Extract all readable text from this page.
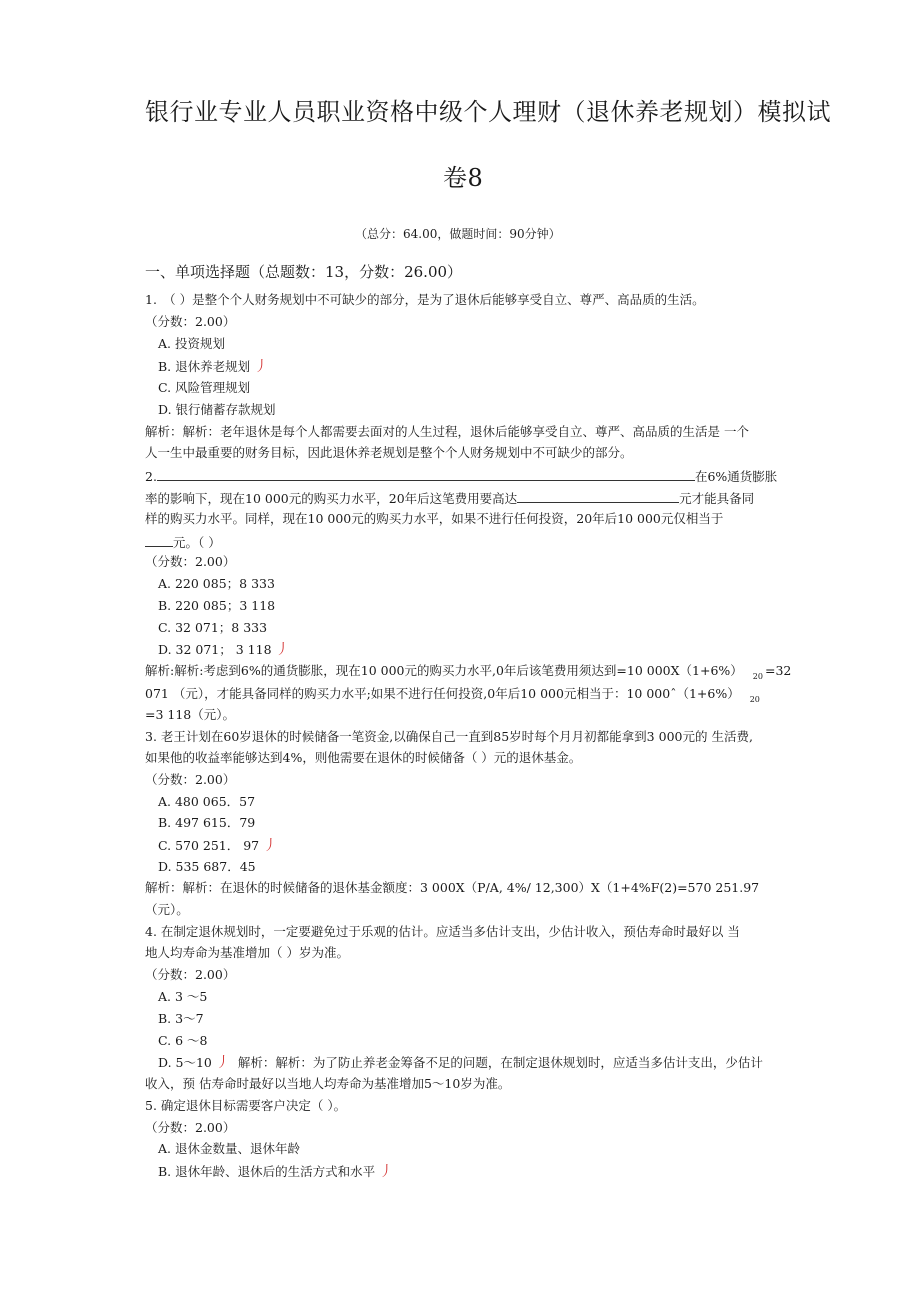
银行业专业人员职业资格中级个人理财（退休养老规划）模拟试
卷8
（总分：64.00，做题时间：90分钟）
一、单项选择题（总题数：13，分数：26.00）
1.　（ ）是整个个人财务规划中不可缺少的部分，是为了退休后能够享受自立、尊严、高品质的生活。
（分数：2.00）
A. 投资规划
B. 退休养老规划 丿
C. 风险管理规划
D. 银行储蓄存款规划
解析：解析：老年退休是每个人都需要去面对的人生过程，退休后能够享受自立、尊严、高品质的生活是 一个
人一生中最重要的财务目标，因此退休养老规划是整个个人财务规划中不可缺少的部分。
2.	在6%通货膨胀
率的影响下，现在10 000元的购买力水平，20年后这笔费用要高达	元才能具备同
样的购买力水平。同样，现在10 000元的购买力水平，如果不进行任何投资，20年后10 000元仅相当于
元。（ ）
（分数：2.00）
A. 220 085；8 333
B. 220 085；3 118
C. 32 071；8 333
D. 32 071； 3 118 丿
解析:解析:考虑到6%的通货膨胀，现在10 000元的购买力水平,0年后该笔费用须达到=10 000X（1+6%） $_{20}$ =32
071 （元），才能具备同样的购买力水平;如果不进行任何投资,0年后10 000元相当于：10 000ˆ（1+6%） $_{20}$
=3 118（元）。
3. 老王计划在60岁退休的时候储备一笔资金,以确保自己一直到85岁时每个月月初都能拿到3 000元的 生活费,
如果他的收益率能够达到4%，则他需要在退休的时候储备（ ）元的退休基金。
（分数：2.00）
A. 480 065．57
B. 497 615．79
C. 570 251． 97 丿
D. 535 687．45
解析：解析：在退休的时候储备的退休基金额度：3 000X（P/A, 4%/ 12,300）X（1+4%F(2)=570 251.97
（元）。
4. 在制定退休规划时，一定要避免过于乐观的估计。应适当多估计支出，少估计收入，预估寿命时最好以 当
地人均寿命为基准增加（ ）岁为准。
（分数：2.00）
A. 3 ～5
B. 3～7
C. 6 ～8
D. 5～10 丿 解析：解析：为了防止养老金筹备不足的问题，在制定退休规划时，应适当多估计支出，少估计
收入，预 估寿命时最好以当地人均寿命为基准增加5～10岁为准。
5. 确定退休目标需要客户决定（ ）。
（分数：2.00）
A. 退休金数量、退休年龄
B. 退休年龄、退休后的生活方式和水平 丿
